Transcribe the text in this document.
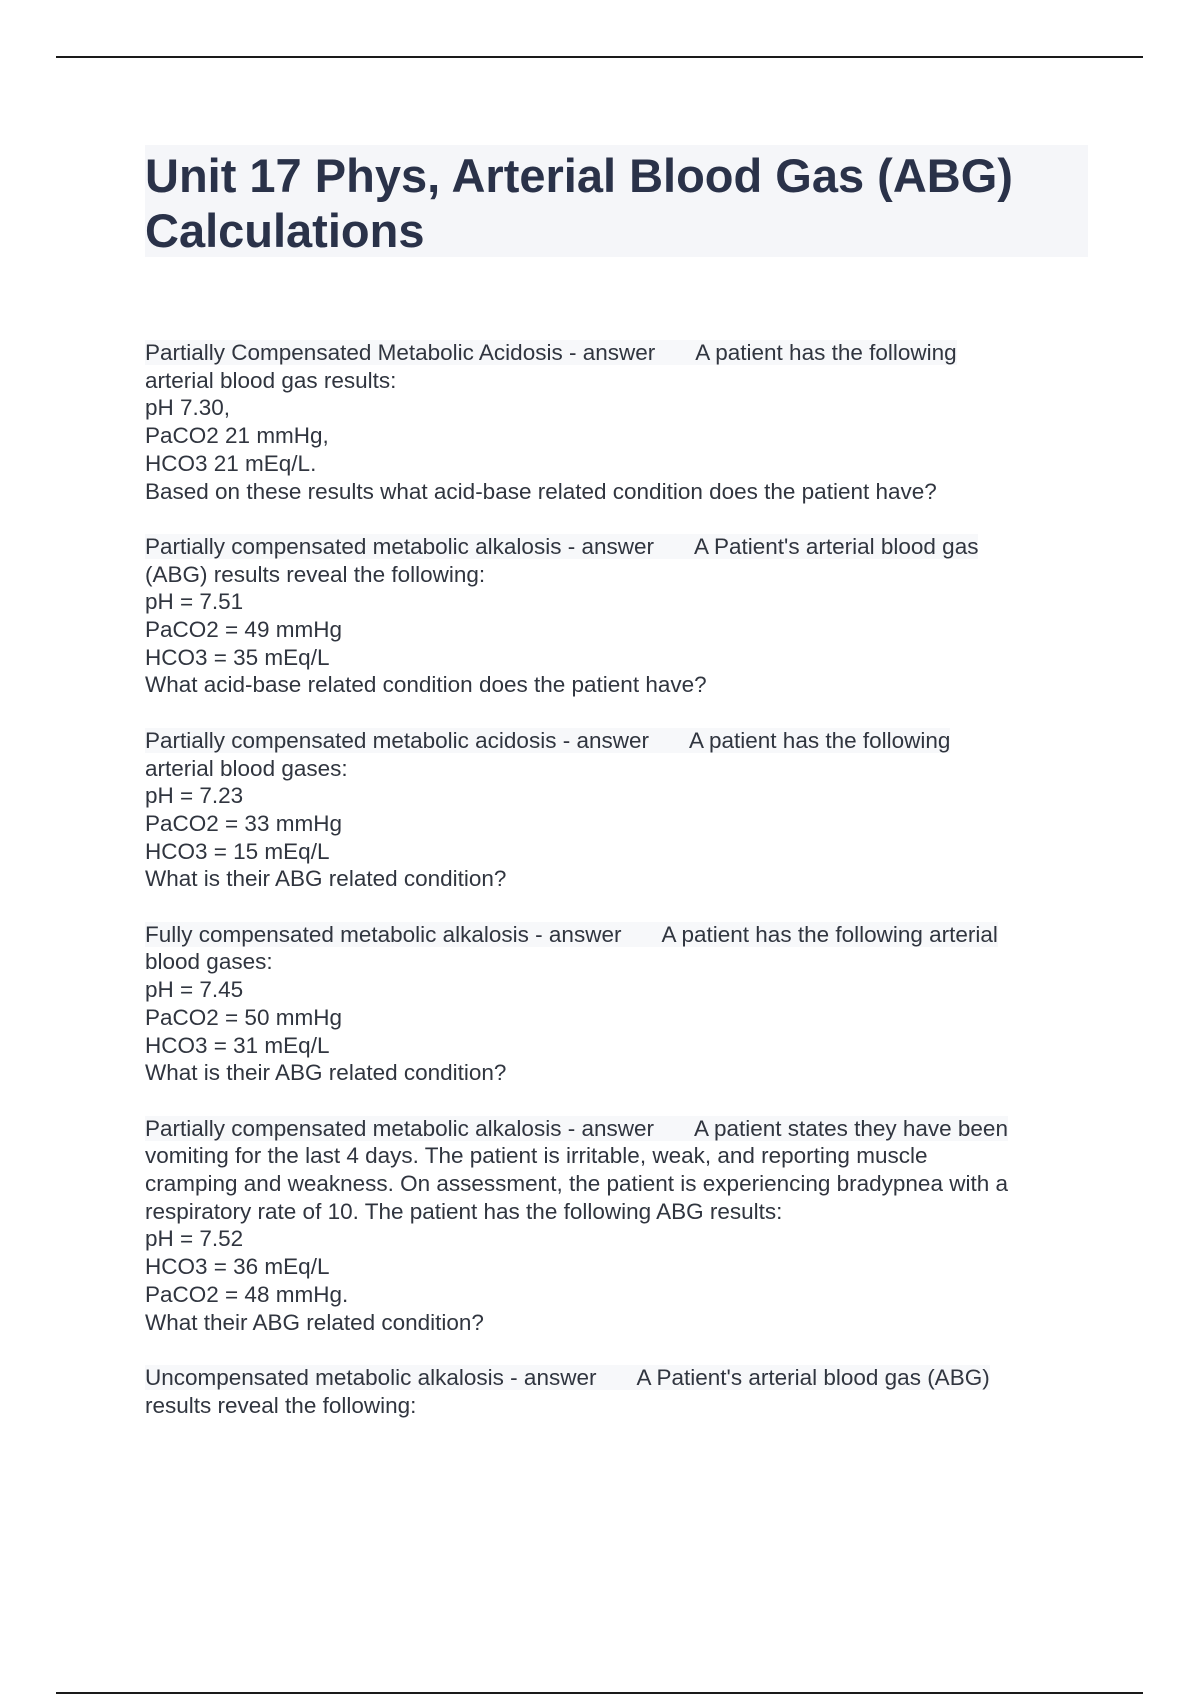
Unit 17 Phys, Arterial Blood Gas (ABG)
Calculations

Partially Compensated Metabolic Acidosis - answer A patient has the following
arterial blood gas results:
pH 7.30,
PaCO2 21 mmHg,
HCO3 21 mEq/L.
Based on these results what acid-base related condition does the patient have?

Partially compensated metabolic alkalosis - answer A Patient's arterial blood gas
(ABG) results reveal the following:
pH = 7.51
PaCO2 = 49 mmHg
HCO3 = 35 mEq/L
What acid-base related condition does the patient have?

Partially compensated metabolic acidosis - answer A patient has the following
arterial blood gases:
pH = 7.23
PaCO2 = 33 mmHg
HCO3 = 15 mEq/L
What is their ABG related condition?

Fully compensated metabolic alkalosis - answer A patient has the following arterial
blood gases:
pH = 7.45
PaCO2 = 50 mmHg
HCO3 = 31 mEq/L
What is their ABG related condition?

Partially compensated metabolic alkalosis - answer A patient states they have been
vomiting for the last 4 days. The patient is irritable, weak, and reporting muscle
cramping and weakness. On assessment, the patient is experiencing bradypnea with a
respiratory rate of 10. The patient has the following ABG results:
pH = 7.52
HCO3 = 36 mEq/L
PaCO2 = 48 mmHg.
What their ABG related condition?

Uncompensated metabolic alkalosis - answer A Patient's arterial blood gas (ABG)
results reveal the following:
